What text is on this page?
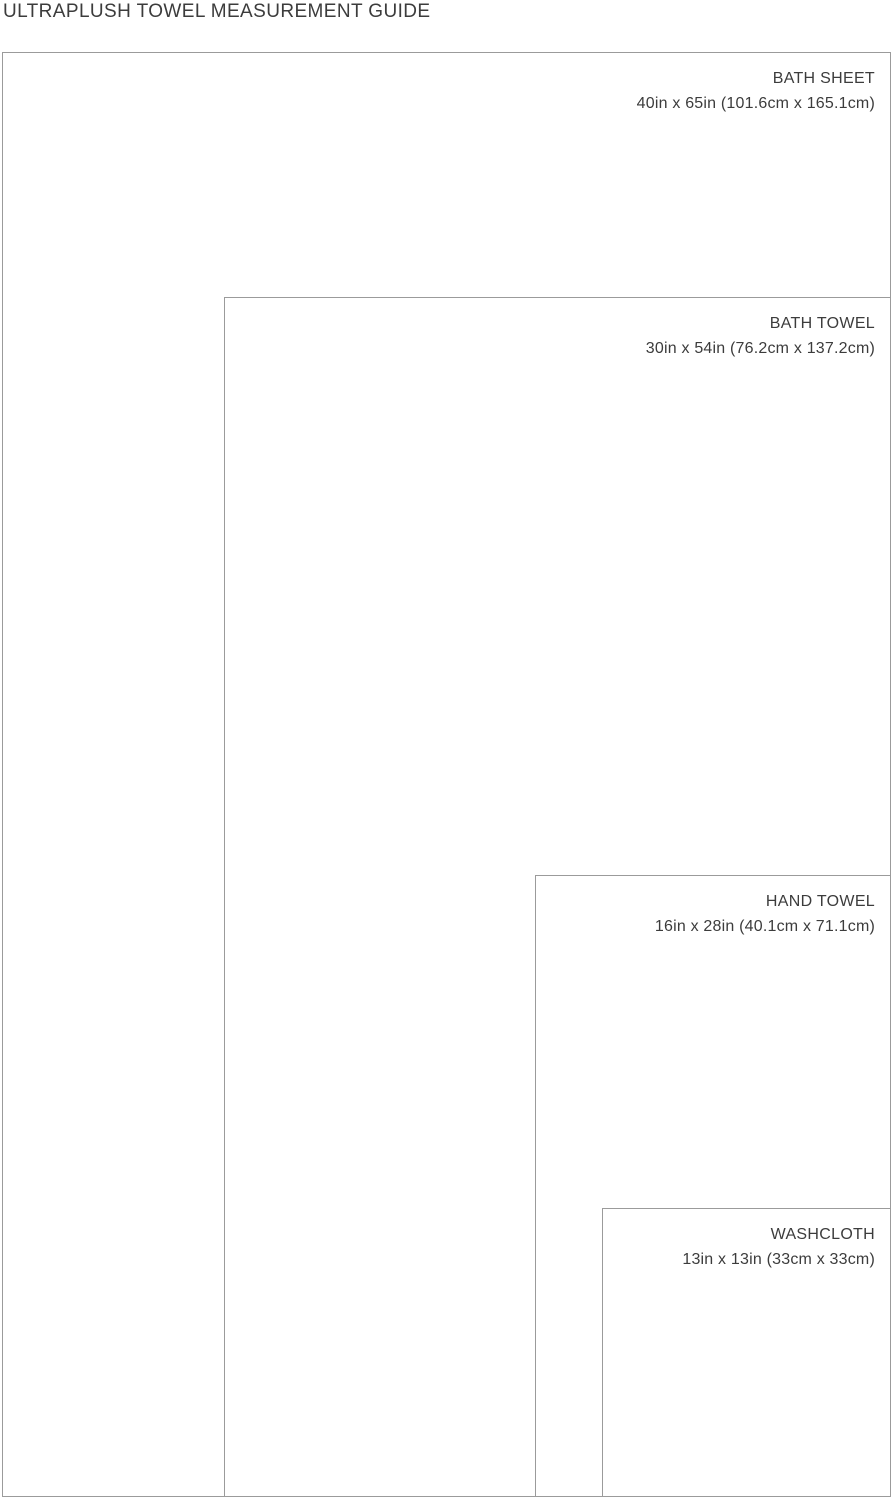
ULTRAPLUSH TOWEL MEASUREMENT GUIDE
BATH SHEET
40in x 65in (101.6cm x 165.1cm)
BATH TOWEL
30in x 54in (76.2cm x 137.2cm)
HAND TOWEL
16in x 28in (40.1cm x 71.1cm)
WASHCLOTH
13in x 13in (33cm x 33cm)
